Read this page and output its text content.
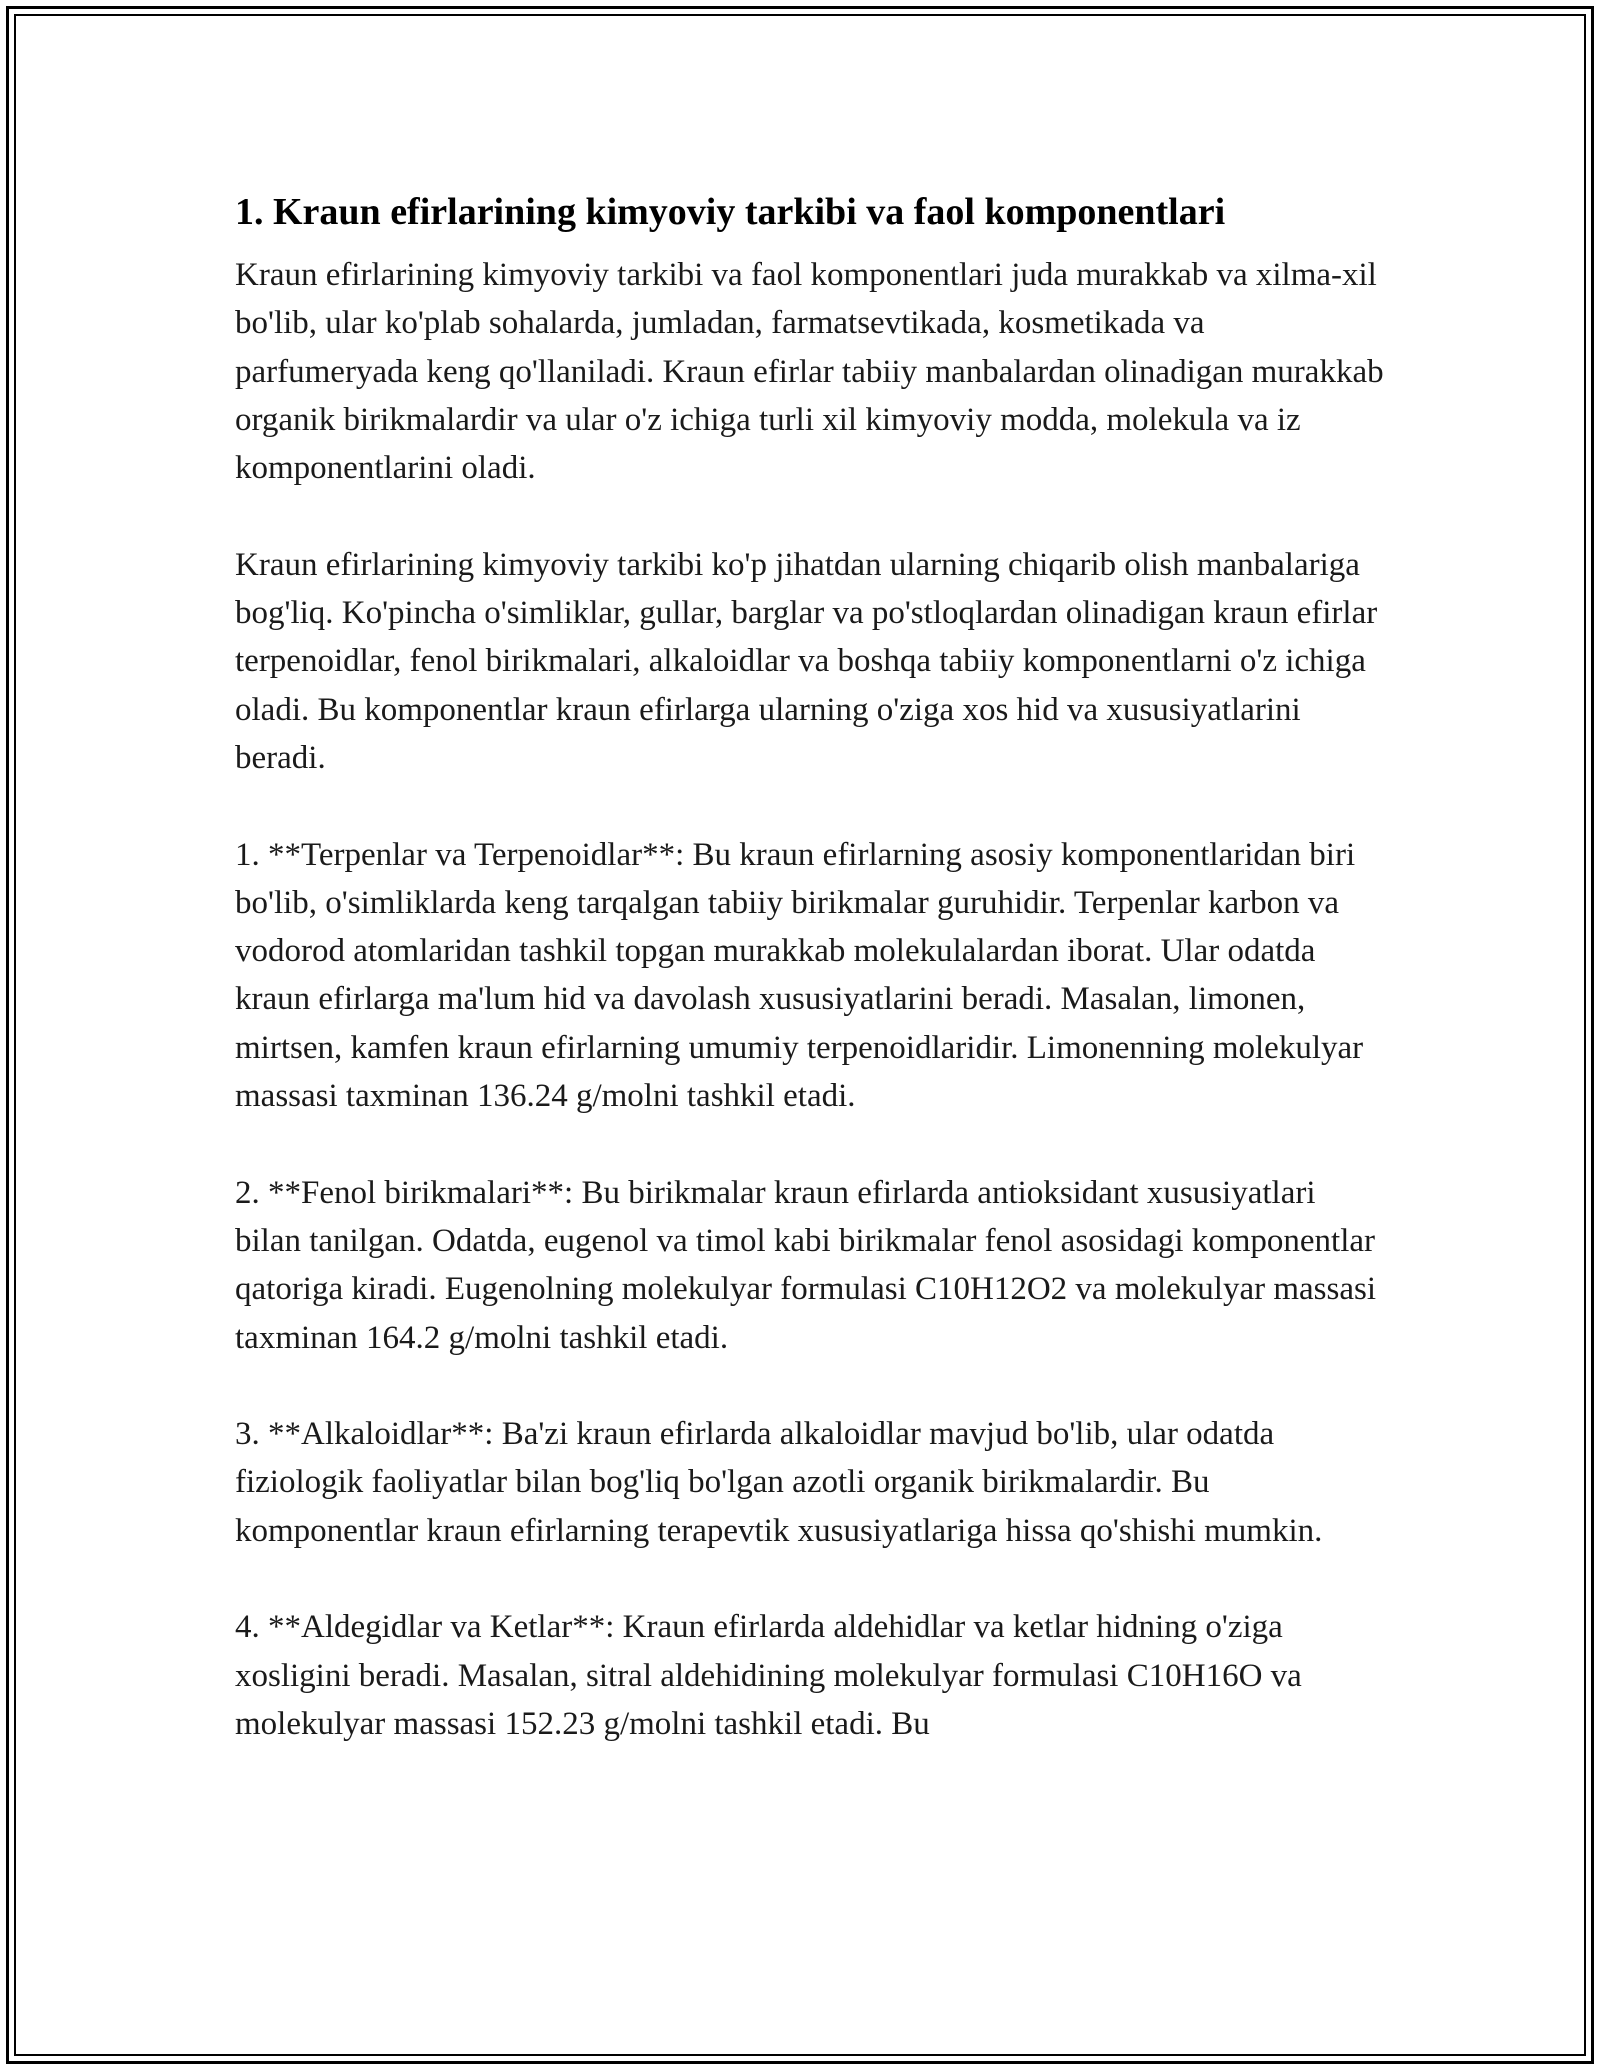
1. Kraun efirlarining kimyoviy tarkibi va faol komponentlari

Kraun efirlarining kimyoviy tarkibi va faol komponentlari juda murakkab va xilma-xil bo'lib, ular ko'plab sohalarda, jumladan, farmatsevtikada, kosmetikada va parfumeryada keng qo'llaniladi. Kraun efirlar tabiiy manbalardan olinadigan murakkab organik birikmalardir va ular o'z ichiga turli xil kimyoviy modda, molekula va iz komponentlarini oladi.

Kraun efirlarining kimyoviy tarkibi ko'p jihatdan ularning chiqarib olish manbalariga bog'liq. Ko'pincha o'simliklar, gullar, barglar va po'stloqlardan olinadigan kraun efirlar terpenoidlar, fenol birikmalari, alkaloidlar va boshqa tabiiy komponentlarni o'z ichiga oladi. Bu komponentlar kraun efirlarga ularning o'ziga xos hid va xususiyatlarini beradi.

1. **Terpenlar va Terpenoidlar**: Bu kraun efirlarning asosiy komponentlaridan biri bo'lib, o'simliklarda keng tarqalgan tabiiy birikmalar guruhidir. Terpenlar karbon va vodorod atomlaridan tashkil topgan murakkab molekulalardan iborat. Ular odatda kraun efirlarga ma'lum hid va davolash xususiyatlarini beradi. Masalan, limonen, mirtsen, kamfen kraun efirlarning umumiy terpenoidlaridir. Limonenning molekulyar massasi taxminan 136.24 g/molni tashkil etadi.

2. **Fenol birikmalari**: Bu birikmalar kraun efirlarda antioksidant xususiyatlari bilan tanilgan. Odatda, eugenol va timol kabi birikmalar fenol asosidagi komponentlar qatoriga kiradi. Eugenolning molekulyar formulasi C10H12O2 va molekulyar massasi taxminan 164.2 g/molni tashkil etadi.

3. **Alkaloidlar**: Ba'zi kraun efirlarda alkaloidlar mavjud bo'lib, ular odatda fiziologik faoliyatlar bilan bog'liq bo'lgan azotli organik birikmalardir. Bu komponentlar kraun efirlarning terapevtik xususiyatlariga hissa qo'shishi mumkin.

4. **Aldegidlar va Ketlar**: Kraun efirlarda aldehidlar va ketlar hidning o'ziga xosligini beradi. Masalan, sitral aldehidining molekulyar formulasi C10H16O va molekulyar massasi 152.23 g/molni tashkil etadi. Bu
